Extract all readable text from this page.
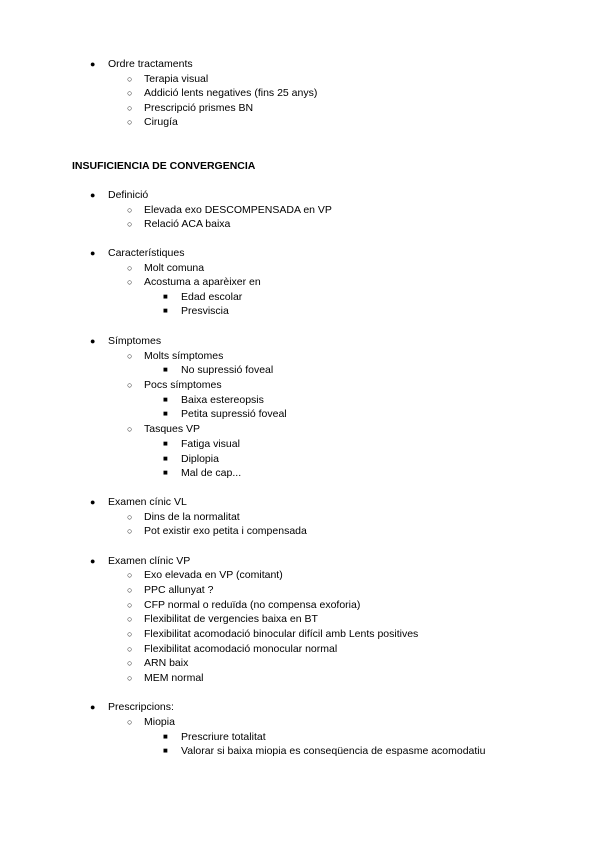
● Ordre tractaments
○ Terapia visual
○ Addició lents negatives (fins 25 anys)
○ Prescripció prismes BN
○ Cirugía
INSUFICIENCIA DE CONVERGENCIA
● Definició
○ Elevada exo DESCOMPENSADA en VP
○ Relació ACA baixa
● Característiques
○ Molt comuna
○ Acostuma a aparèixer en
■ Edad escolar
■ Presviscia
● Símptomes
○ Molts símptomes
■ No supressió foveal
○ Pocs símptomes
■ Baixa estereopsis
■ Petita supressió foveal
○ Tasques VP
■ Fatiga visual
■ Diplopia
■ Mal de cap...
● Examen cínic VL
○ Dins de la normalitat
○ Pot existir exo petita i compensada
● Examen clínic VP
○ Exo elevada en VP (comitant)
○ PPC allunyat ?
○ CFP normal o reduïda (no compensa exoforia)
○ Flexibilitat de vergencies baixa en BT
○ Flexibilitat acomodació binocular difícil amb Lents positives
○ Flexibilitat acomodació monocular normal
○ ARN baix
○ MEM normal
● Prescripcions:
○ Miopia
■ Prescriure totalitat
■ Valorar si baixa miopia es conseqüencia de espasme acomodatiu
